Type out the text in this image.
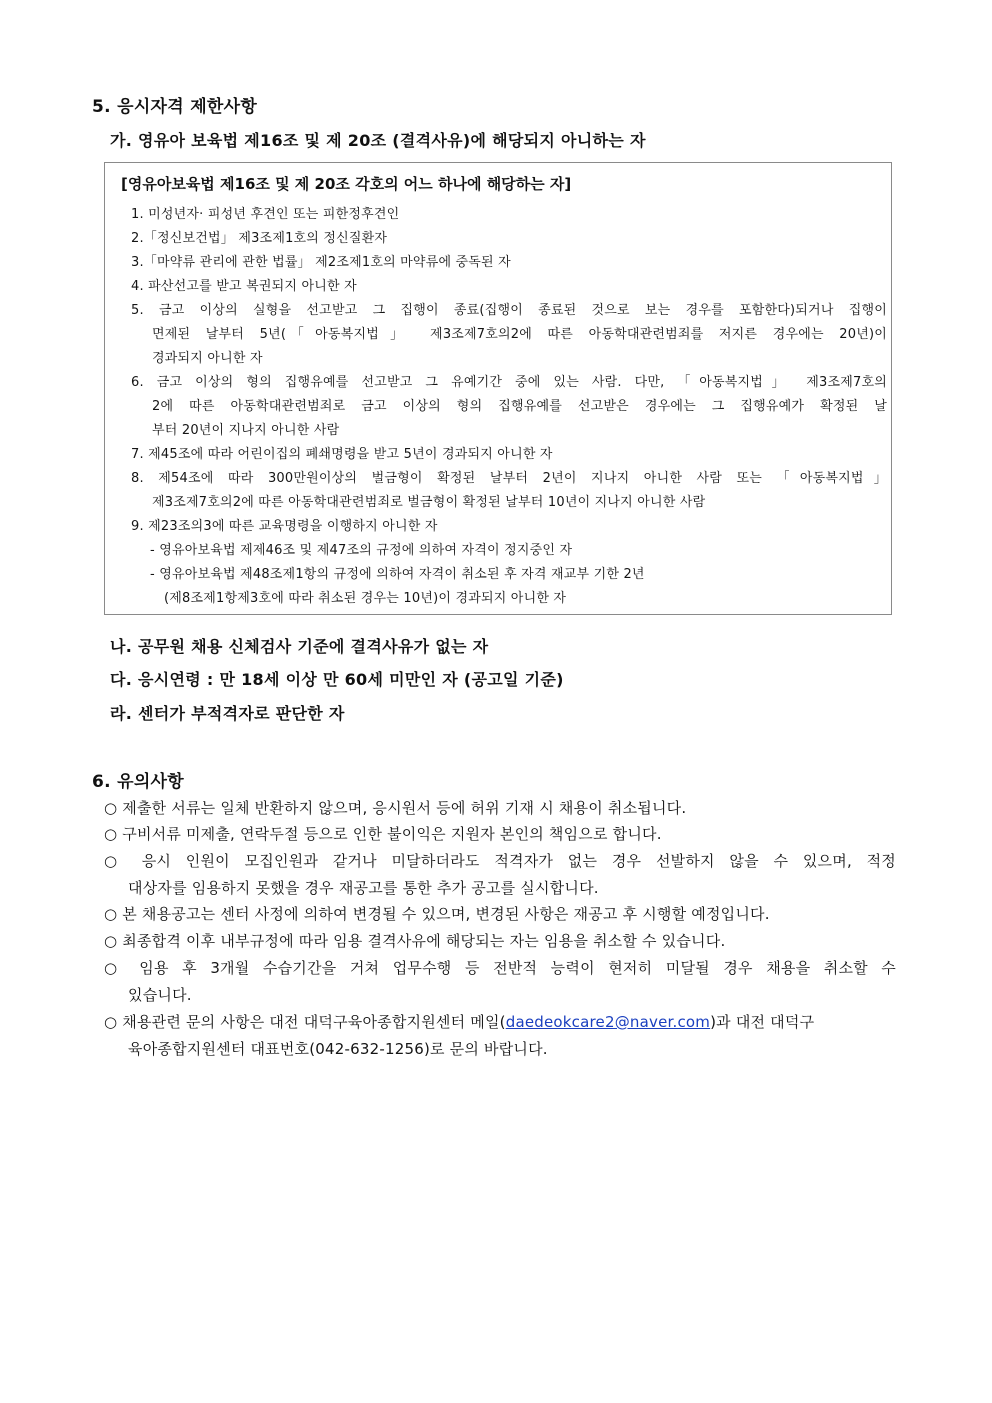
5. 응시자격 제한사항
가. 영유아 보육법 제16조 및 제 20조 (결격사유)에 해당되지 아니하는 자
[영유아보육법 제16조 및 제 20조 각호의 어느 하나에 해당하는 자]
1. 미성년자· 피성년 후견인 또는 피한정후견인
2.「정신보건법」 제3조제1호의 정신질환자
3.「마약류 관리에 관한 법률」 제2조제1호의 마약류에 중독된 자
4. 파산선고를 받고 복권되지 아니한 자
5. 금고 이상의 실형을 선고받고 그 집행이 종료(집행이 종료된 것으로 보는 경우를 포함한다)되거나 집행이
면제된 날부터 5년(「아동복지법」 제3조제7호의2에 따른 아동학대관련범죄를 저지른 경우에는 20년)이
경과되지 아니한 자
6. 금고 이상의 형의 집행유예를 선고받고 그 유예기간 중에 있는 사람. 다만, 「아동복지법」 제3조제7호의
2에 따른 아동학대관련범죄로 금고 이상의 형의 집행유예를 선고받은 경우에는 그 집행유예가 확정된 날
부터 20년이 지나지 아니한 사람
7. 제45조에 따라 어린이집의 폐쇄명령을 받고 5년이 경과되지 아니한 자
8. 제54조에 따라 300만원이상의 벌금형이 확정된 날부터 2년이 지나지 아니한 사람 또는 「아동복지법」
제3조제7호의2에 따른 아동학대관련범죄로 벌금형이 확정된 날부터 10년이 지나지 아니한 사람
9. 제23조의3에 따른 교육명령을 이행하지 아니한 자
- 영유아보육법 제제46조 및 제47조의 규정에 의하여 자격이 정지중인 자
- 영유아보육법 제48조제1항의 규정에 의하여 자격이 취소된 후 자격 재교부 기한 2년
(제8조제1항제3호에 따라 취소된 경우는 10년)이 경과되지 아니한 자
나. 공무원 채용 신체검사 기준에 결격사유가 없는 자
다. 응시연령 : 만 18세 이상 만 60세 미만인 자 (공고일 기준)
라. 센터가 부적격자로 판단한 자
6. 유의사항
○ 제출한 서류는 일체 반환하지 않으며, 응시원서 등에 허위 기재 시 채용이 취소됩니다.
○ 구비서류 미제출, 연락두절 등으로 인한 불이익은 지원자 본인의 책임으로 합니다.
○ 응시 인원이 모집인원과 같거나 미달하더라도 적격자가 없는 경우 선발하지 않을 수 있으며, 적정
대상자를 임용하지 못했을 경우 재공고를 통한 추가 공고를 실시합니다.
○ 본 채용공고는 센터 사정에 의하여 변경될 수 있으며, 변경된 사항은 재공고 후 시행할 예정입니다.
○ 최종합격 이후 내부규정에 따라 임용 결격사유에 해당되는 자는 임용을 취소할 수 있습니다.
○ 임용 후 3개월 수습기간을 거쳐 업무수행 등 전반적 능력이 현저히 미달될 경우 채용을 취소할 수
있습니다.
○ 채용관련 문의 사항은 대전 대덕구육아종합지원센터 메일(daedeokcare2@naver.com)과 대전 대덕구
육아종합지원센터 대표번호(042-632-1256)로 문의 바랍니다.
